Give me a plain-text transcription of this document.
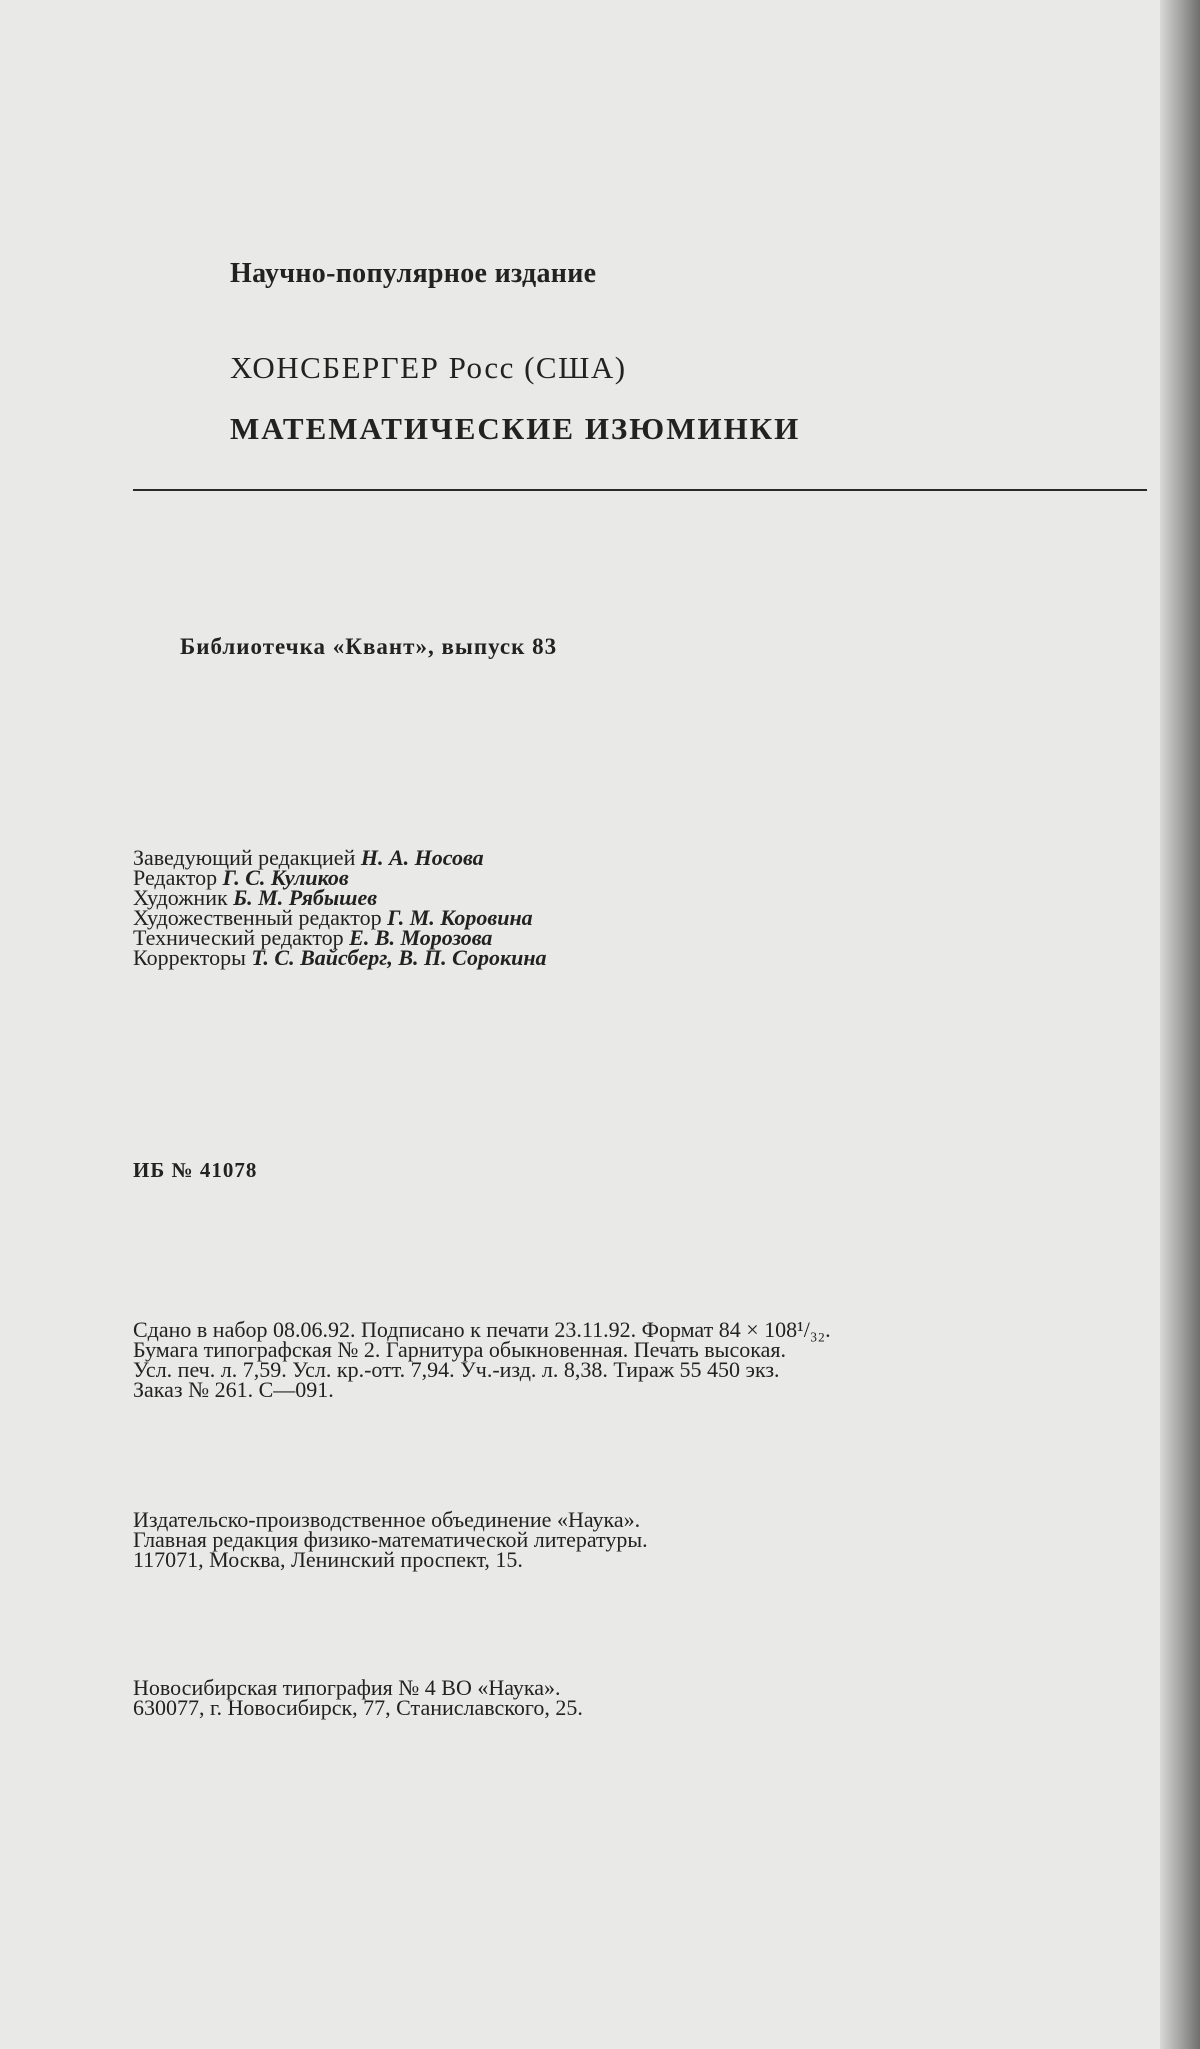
Научно-популярное издание
ХОНСБЕРГЕР Росс (США)
МАТЕМАТИЧЕСКИЕ ИЗЮМИНКИ
Библиотечка «Квант», выпуск 83
Заведующий редакцией Н. А. Носова
Редактор Г. С. Куликов
Художник Б. М. Рябышев
Художественный редактор Г. М. Коровина
Технический редактор Е. В. Морозова
Корректоры Т. С. Вайсберг, В. П. Сорокина
ИБ № 41078
Сдано в набор 08.06.92. Подписано к печати 23.11.92. Формат 84 × 108¹/₃₂.
Бумага типографская № 2. Гарнитура обыкновенная. Печать высокая.
Усл. печ. л. 7,59. Усл. кр.-отт. 7,94. Уч.-изд. л. 8,38. Тираж 55 450 экз.
Заказ № 261. С—091.
Издательско-производственное объединение «Наука».
Главная редакция физико-математической литературы.
117071, Москва, Ленинский проспект, 15.
Новосибирская типография № 4 ВО «Наука».
630077, г. Новосибирск, 77, Станиславского, 25.
